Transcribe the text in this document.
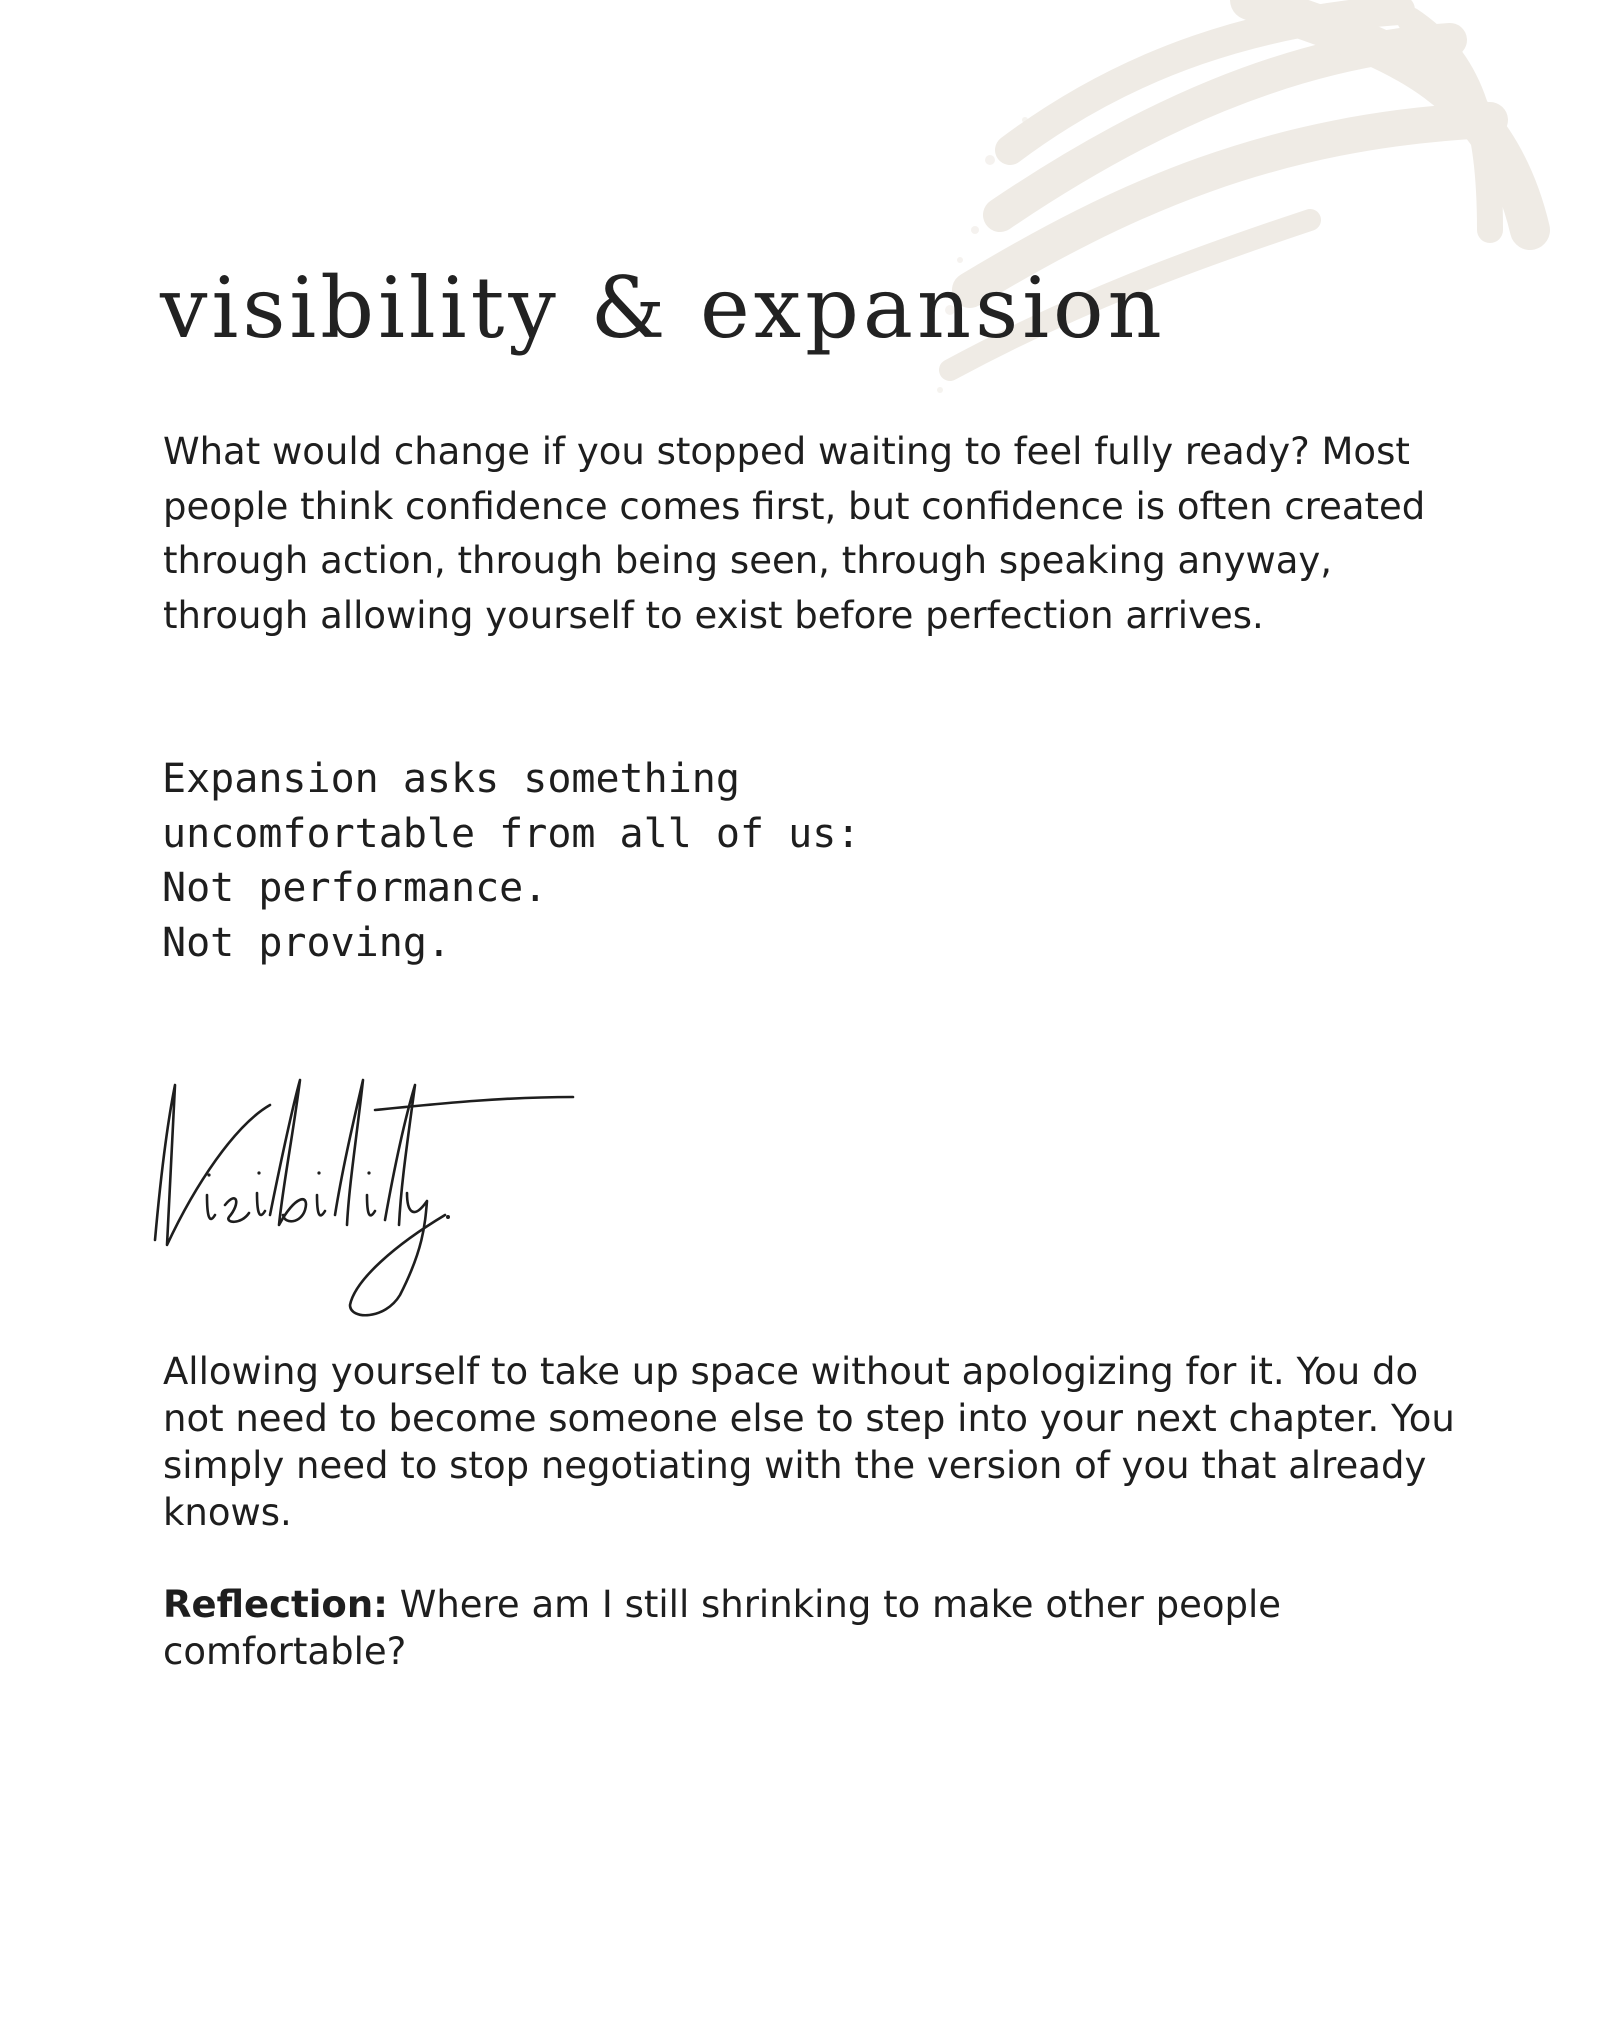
visibility & expansion

What would change if you stopped waiting to feel fully ready? Most people think confidence comes first, but confidence is often created through action, through being seen, through speaking anyway, through allowing yourself to exist before perfection arrives.

Expansion asks something
uncomfortable from all of us:
Not performance.
Not proving.

Allowing yourself to take up space without apologizing for it. You do not need to become someone else to step into your next chapter. You simply need to stop negotiating with the version of you that already knows.

Reflection: Where am I still shrinking to make other people comfortable?
